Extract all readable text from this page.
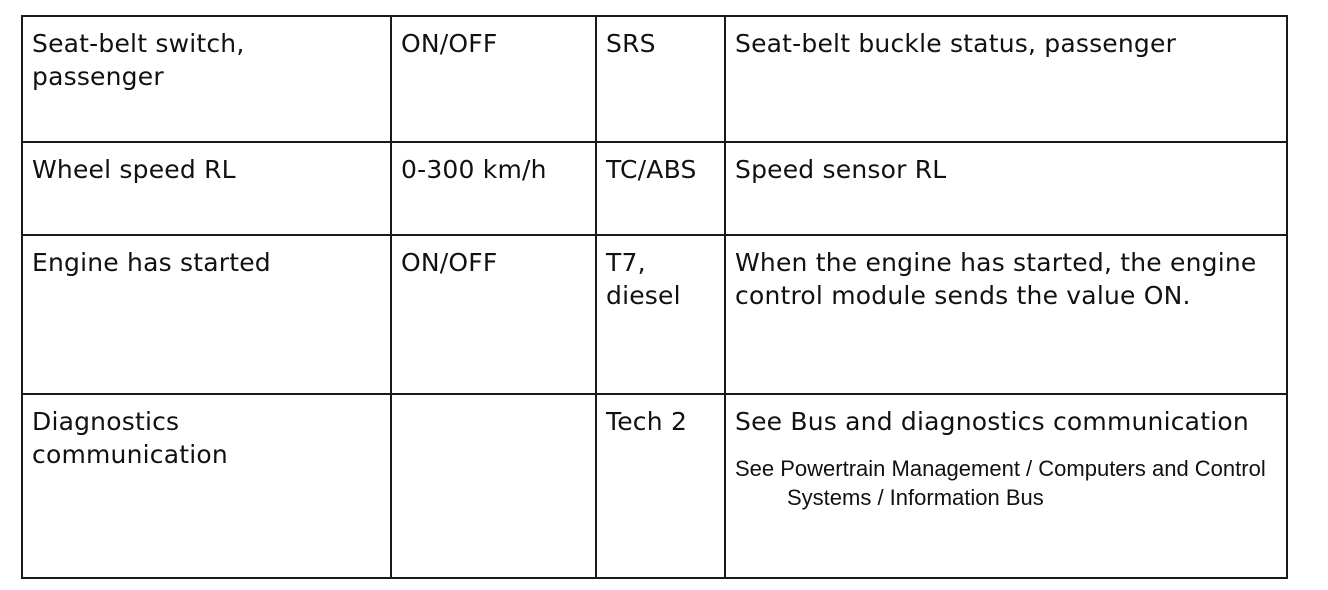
Seat-belt switch, passenger	ON/OFF	SRS	Seat-belt buckle status, passenger

Wheel speed RL	0-300 km/h	TC/ABS	Speed sensor RL

Engine has started	ON/OFF	T7, diesel	When the engine has started, the engine control module sends the value ON.

Diagnostics communication		Tech 2	See Bus and diagnostics communication
See Powertrain Management / Computers and Control Systems / Information Bus
